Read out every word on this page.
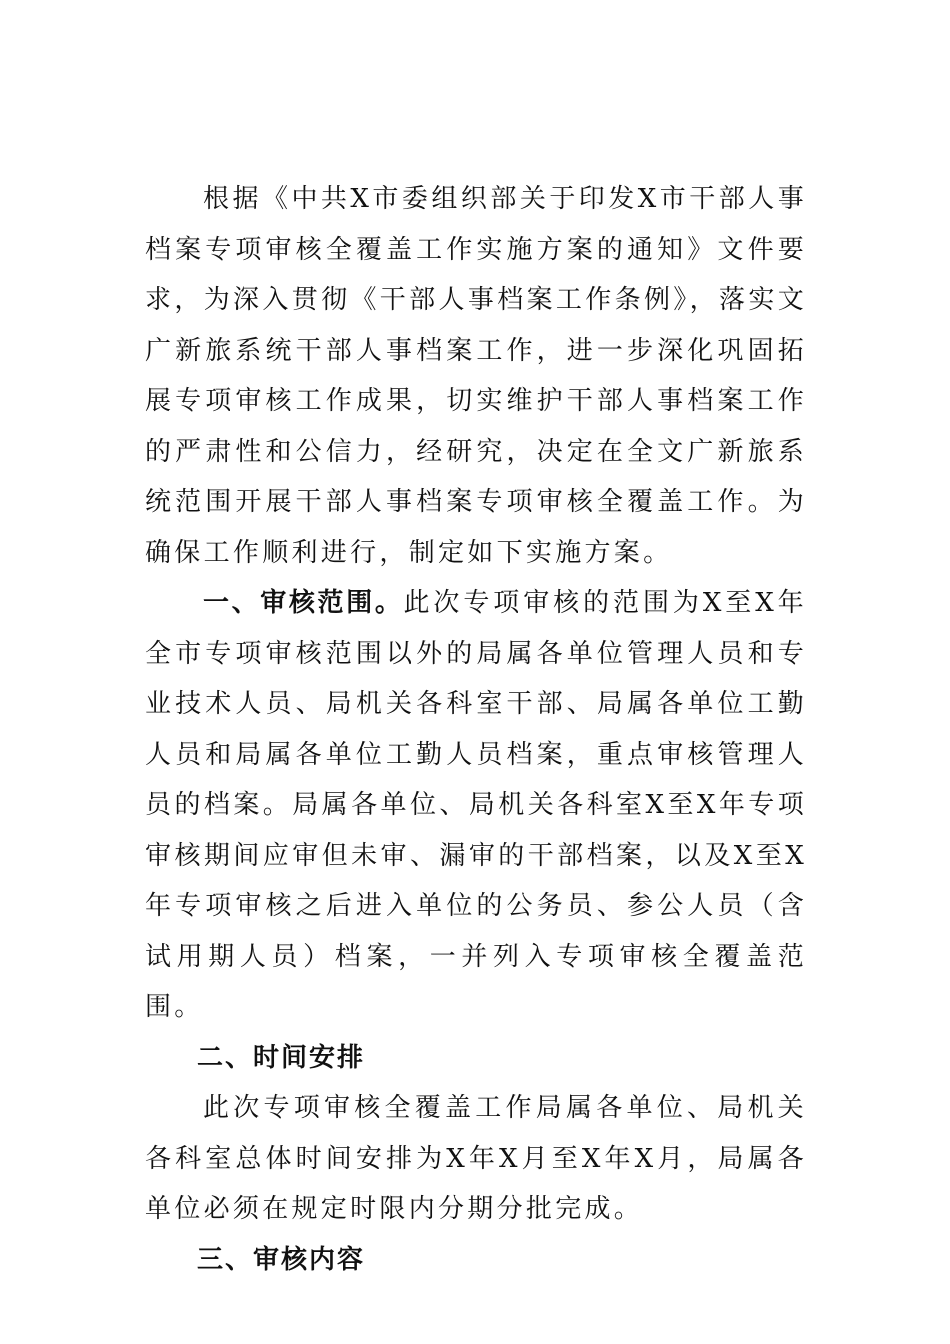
根据《中共X市委组织部关于印发X市干部人事档案专项审核全覆盖工作实施方案的通知》文件要求，为深入贯彻《干部人事档案工作条例》，落实文广新旅系统干部人事档案工作，进一步深化巩固拓展专项审核工作成果，切实维护干部人事档案工作的严肃性和公信力，经研究，决定在全文广新旅系统范围开展干部人事档案专项审核全覆盖工作。为确保工作顺利进行，制定如下实施方案。

一、审核范围。此次专项审核的范围为X至X年全市专项审核范围以外的局属各单位管理人员和专业技术人员、局机关各科室干部、局属各单位工勤人员和局属各单位工勤人员档案，重点审核管理人员的档案。局属各单位、局机关各科室X至X年专项审核期间应审但未审、漏审的干部档案，以及X至X年专项审核之后进入单位的公务员、参公人员（含试用期人员）档案，一并列入专项审核全覆盖范围。

二、时间安排

此次专项审核全覆盖工作局属各单位、局机关各科室总体时间安排为X年X月至X年X月，局属各单位必须在规定时限内分期分批完成。

三、审核内容
